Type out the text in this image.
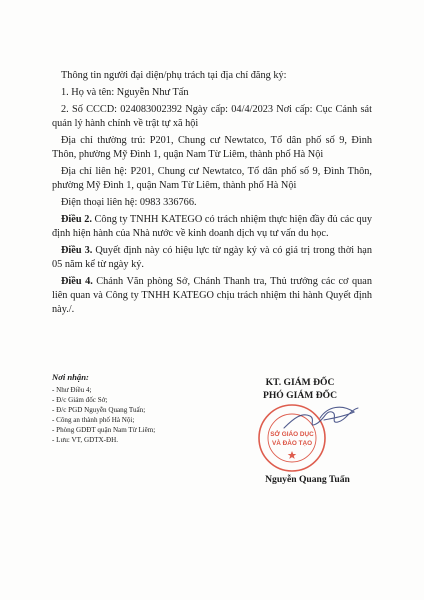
Thông tin người đại diện/phụ trách tại địa chỉ đăng ký:

1. Họ và tên: Nguyễn Như Tấn

2. Số CCCD: 024083002392 Ngày cấp: 04/4/2023 Nơi cấp: Cục Cảnh sát quản lý hành chính về trật tự xã hội

Địa chỉ thường trú: P201, Chung cư Newtatco, Tổ dân phố số 9, Đình Thôn, phường Mỹ Đình 1, quận Nam Từ Liêm, thành phố Hà Nội

Địa chỉ liên hệ: P201, Chung cư Newtatco, Tổ dân phố số 9, Đình Thôn, phường Mỹ Đình 1, quận Nam Từ Liêm, thành phố Hà Nội

Điện thoại liên hệ: 0983 336766.

Điều 2. Công ty TNHH KATEGO có trách nhiệm thực hiện đầy đủ các quy định hiện hành của Nhà nước về kinh doanh dịch vụ tư vấn du học.

Điều 3. Quyết định này có hiệu lực từ ngày ký và có giá trị trong thời hạn 05 năm kể từ ngày ký.

Điều 4. Chánh Văn phòng Sở, Chánh Thanh tra, Thủ trưởng các cơ quan liên quan và Công ty TNHH KATEGO chịu trách nhiệm thi hành Quyết định này./.

Nơi nhận:
- Như Điều 4;
- Đ/c Giám đốc Sở;
- Đ/c PGD Nguyễn Quang Tuấn;
- Công an thành phố Hà Nội;
- Phòng GDĐT quận Nam Từ Liêm;
- Lưu: VT, GDTX-ĐH.
KT. GIÁM ĐỐC
PHÓ GIÁM ĐỐC
SỞ GIÁO DỤC
VÀ ĐÀO TẠO
Nguyễn Quang Tuấn
